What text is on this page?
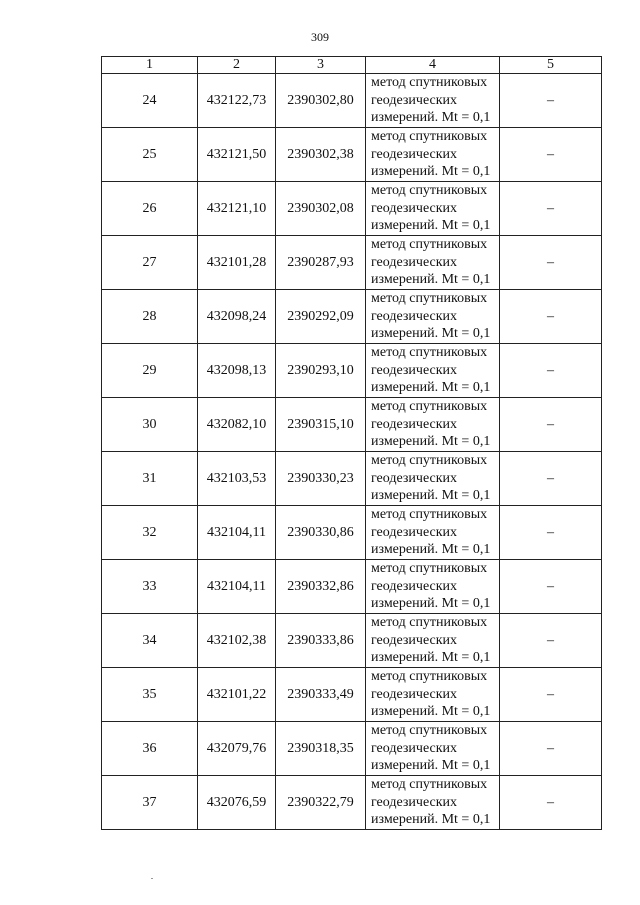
309
1	2	3	4	5
24	432122,73	2390302,80	метод спутниковых
геодезических
измерений. Mt = 0,1	–
25	432121,50	2390302,38	метод спутниковых
геодезических
измерений. Mt = 0,1	–
26	432121,10	2390302,08	метод спутниковых
геодезических
измерений. Mt = 0,1	–
27	432101,28	2390287,93	метод спутниковых
геодезических
измерений. Mt = 0,1	–
28	432098,24	2390292,09	метод спутниковых
геодезических
измерений. Mt = 0,1	–
29	432098,13	2390293,10	метод спутниковых
геодезических
измерений. Mt = 0,1	–
30	432082,10	2390315,10	метод спутниковых
геодезических
измерений. Mt = 0,1	–
31	432103,53	2390330,23	метод спутниковых
геодезических
измерений. Mt = 0,1	–
32	432104,11	2390330,86	метод спутниковых
геодезических
измерений. Mt = 0,1	–
33	432104,11	2390332,86	метод спутниковых
геодезических
измерений. Mt = 0,1	–
34	432102,38	2390333,86	метод спутниковых
геодезических
измерений. Mt = 0,1	–
35	432101,22	2390333,49	метод спутниковых
геодезических
измерений. Mt = 0,1	–
36	432079,76	2390318,35	метод спутниковых
геодезических
измерений. Mt = 0,1	–
37	432076,59	2390322,79	метод спутниковых
геодезических
измерений. Mt = 0,1	–
